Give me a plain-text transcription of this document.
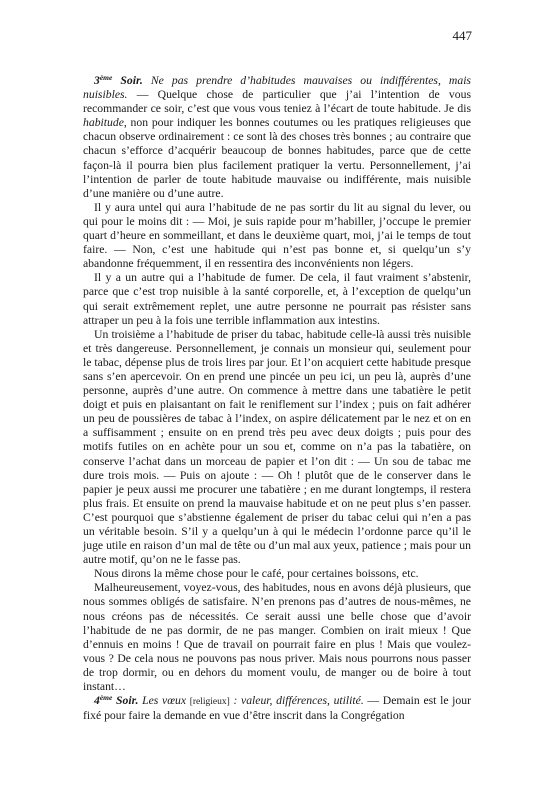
447

3ème Soir. Ne pas prendre d’habitudes mauvaises ou indifférentes, mais nuisibles. — Quelque chose de particulier que j’ai l’intention de vous recommander ce soir, c’est que vous vous teniez à l’écart de toute habitude. Je dis habitude, non pour indiquer les bonnes coutumes ou les pratiques religieuses que chacun observe ordinairement : ce sont là des choses très bonnes ; au contraire que chacun s’efforce d’acquérir beaucoup de bonnes habitudes, parce que de cette façon-là il pourra bien plus facilement pratiquer la vertu. Personnellement, j’ai l’intention de parler de toute habitude mauvaise ou indifférente, mais nuisible d’une manière ou d’une autre.

Il y aura untel qui aura l’habitude de ne pas sortir du lit au signal du lever, ou qui pour le moins dit : — Moi, je suis rapide pour m’habiller, j’occupe le premier quart d’heure en sommeillant, et dans le deuxième quart, moi, j’ai le temps de tout faire. — Non, c’est une habitude qui n’est pas bonne et, si quelqu’un s’y abandonne fréquemment, il en ressentira des inconvénients non légers.

Il y a un autre qui a l’habitude de fumer. De cela, il faut vraiment s’abstenir, parce que c’est trop nuisible à la santé corporelle, et, à l’exception de quelqu’un qui serait extrêmement replet, une autre personne ne pourrait pas résister sans attraper un peu à la fois une terrible inflammation aux intestins.

Un troisième a l’habitude de priser du tabac, habitude celle-là aussi très nuisible et très dangereuse. Personnellement, je connais un monsieur qui, seulement pour le tabac, dépense plus de trois lires par jour. Et l’on acquiert cette habitude presque sans s’en apercevoir. On en prend une pincée un peu ici, un peu là, auprès d’une personne, auprès d’une autre. On commence à mettre dans une tabatière le petit doigt et puis en plaisantant on fait le reniflement sur l’index ; puis on fait adhérer un peu de poussières de tabac à l’index, on aspire délicatement par le nez et on en a suffisamment ; ensuite on en prend très peu avec deux doigts ; puis pour des motifs futiles on en achète pour un sou et, comme on n’a pas la tabatière, on conserve l’achat dans un morceau de papier et l’on dit : — Un sou de tabac me dure trois mois. — Puis on ajoute : — Oh ! plutôt que de le conserver dans le papier je peux aussi me procurer une tabatière ; en me durant longtemps, il restera plus frais. Et ensuite on prend la mauvaise habitude et on ne peut plus s’en passer. C’est pourquoi que s’abstienne également de priser du tabac celui qui n’en a pas un véritable besoin. S’il y a quelqu’un à qui le médecin l’ordonne parce qu’il le juge utile en raison d’un mal de tête ou d’un mal aux yeux, patience ; mais pour un autre motif, qu’on ne le fasse pas.

Nous dirons la même chose pour le café, pour certaines boissons, etc.

Malheureusement, voyez-vous, des habitudes, nous en avons déjà plusieurs, que nous sommes obligés de satisfaire. N’en prenons pas d’autres de nous-mêmes, ne nous créons pas de nécessités. Ce serait aussi une belle chose que d’avoir l’habitude de ne pas dormir, de ne pas manger. Combien on irait mieux ! Que d’ennuis en moins ! Que de travail on pourrait faire en plus ! Mais que voulez-vous ? De cela nous ne pouvons pas nous priver. Mais nous pourrons nous passer de trop dormir, ou en dehors du moment voulu, de manger ou de boire à tout instant…

4ème Soir. Les vœux [religieux] : valeur, différences, utilité. — Demain est le jour fixé pour faire la demande en vue d’être inscrit dans la Congrégation
